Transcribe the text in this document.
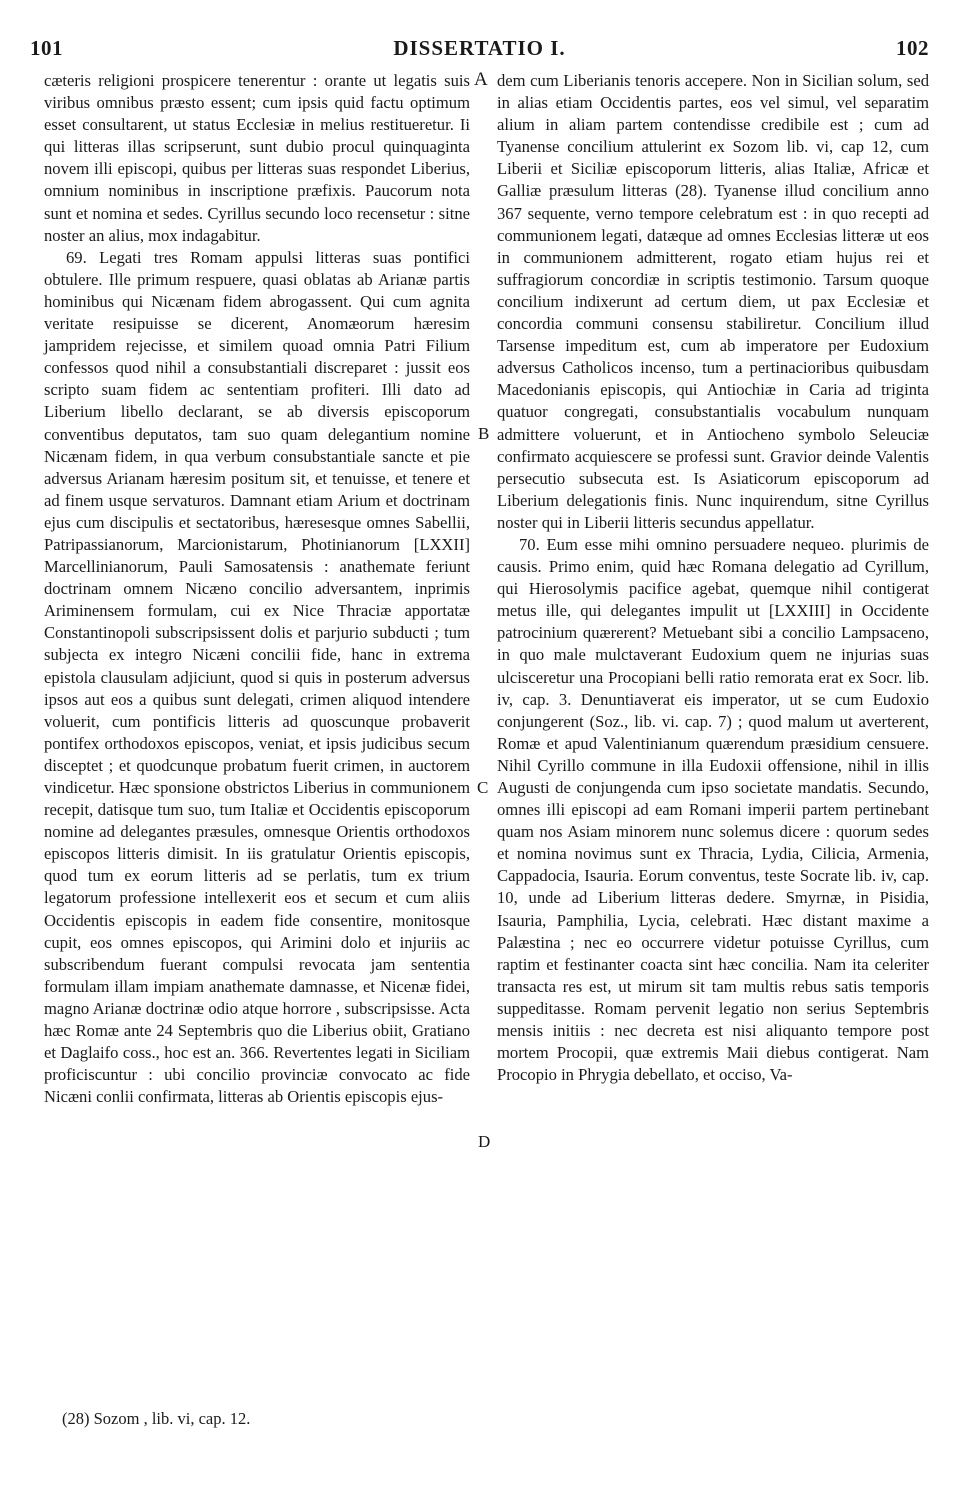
101	DISSERTATIO I.	102

cæteris religioni prospicere tenerentur : orante ut legatis suis viribus omnibus præsto essent; cum ipsis quid factu optimum esset consultarent, ut status Ecclesiæ in melius restitueretur. Ii qui litteras illas scripserunt, sunt dubio procul quinquaginta novem illi episcopi, quibus per litteras suas respondet Liberius, omnium nominibus in inscriptione præfixis. Paucorum nota sunt et nomina et sedes. Cyrillus secundo loco recensetur : sitne noster an alius, mox indagabitur.

69. Legati tres Romam appulsi litteras suas pontifici obtulere. Ille primum respuere, quasi oblatas ab Arianæ partis hominibus qui Nicænam fidem abrogassent. Qui cum agnita veritate resipuisse se dicerent, Anomæorum hæresim jampridem rejecisse, et similem quoad omnia Patri Filium confessos quod nihil a consubstantiali discreparet : jussit eos scripto suam fidem ac sententiam profiteri. Illi dato ad Liberium libello declarant, se ab diversis episcoporum conventibus deputatos, tam suo quam delegantium nomine Nicænam fidem, in qua verbum consubstantiale sancte et pie adversus Arianam hæresim positum sit, et tenuisse, et tenere et ad finem usque servaturos. Damnant etiam Arium et doctrinam ejus cum discipulis et sectatoribus, hæresesque omnes Sabellii, Patripassianorum, Marcionistarum, Photinianorum [LXXII] Marcellinianorum, Pauli Samosatensis : anathemate feriunt doctrinam omnem Nicæno concilio adversantem, inprimis Ariminensem formulam, cui ex Nice Thraciæ apportatæ Constantinopoli subscripsissent dolis et parjurio subducti ; tum subjecta ex integro Nicæni concilii fide, hanc in extrema epistola clausulam adjiciunt, quod si quis in posterum adversus ipsos aut eos a quibus sunt delegati, crimen aliquod intendere voluerit, cum pontificis litteris ad quoscunque probaverit pontifex orthodoxos episcopos, veniat, et ipsis judicibus secum disceptet ; et quodcunque probatum fuerit crimen, in auctorem vindicetur. Hæc sponsione obstrictos Liberius in communionem recepit, datisque tum suo, tum Italiæ et Occidentis episcoporum nomine ad delegantes præsules, omnesque Orientis orthodoxos episcopos litteris dimisit. In iis gratulatur Orientis episcopis, quod tum ex eorum litteris ad se perlatis, tum ex trium legatorum professione intellexerit eos et secum et cum aliis Occidentis episcopis in eadem fide consentire, monitosque cupit, eos omnes episcopos, qui Arimini dolo et injuriis ac subscribendum fuerant compulsi revocata jam sententia formulam illam impiam anathemate damnasse, et Nicenæ fidei, magno Arianæ doctrinæ odio atque horrore , subscripsisse. Acta hæc Romæ ante 24 Septembris quo die Liberius obiit, Gratiano et Daglaifo coss., hoc est an. 366. Revertentes legati in Siciliam proficiscuntur : ubi concilio provinciæ convocato ac fide Nicæni conlii confirmata, litteras ab Orientis episcopis ejus-

dem cum Liberianis tenoris accepere. Non in Sicilian solum, sed in alias etiam Occidentis partes, eos vel simul, vel separatim alium in aliam partem contendisse credibile est ; cum ad Tyanense concilium attulerint ex Sozom lib. vi, cap 12, cum Liberii et Siciliæ episcoporum litteris, alias Italiæ, Africæ et Galliæ præsulum litteras (28). Tyanense illud concilium anno 367 sequente, verno tempore celebratum est : in quo recepti ad communionem legati, datæque ad omnes Ecclesias litteræ ut eos in communionem admitterent, rogato etiam hujus rei et suffragiorum concordiæ in scriptis testimonio. Tarsum quoque concilium indixerunt ad certum diem, ut pax Ecclesiæ et concordia communi consensu stabiliretur. Concilium illud Tarsense impeditum est, cum ab imperatore per Eudoxium adversus Catholicos incenso, tum a pertinacioribus quibusdam Macedonianis episcopis, qui Antiochiæ in Caria ad triginta quatuor congregati, consubstantialis vocabulum nunquam admittere voluerunt, et in Antiocheno symbolo Seleuciæ confirmato acquiescere se professi sunt. Gravior deinde Valentis persecutio subsecuta est. Is Asiaticorum episcoporum ad Liberium delegationis finis. Nunc inquirendum, sitne Cyrillus noster qui in Liberii litteris secundus appellatur.

70. Eum esse mihi omnino persuadere nequeo. plurimis de causis. Primo enim, quid hæc Romana delegatio ad Cyrillum, qui Hierosolymis pacifice agebat, quemque nihil contigerat metus ille, qui delegantes impulit ut [LXXIII] in Occidente patrocinium quærerent? Metuebant sibi a concilio Lampsaceno, in quo male mulctaverant Eudoxium quem ne injurias suas ulcisceretur una Procopiani belli ratio remorata erat ex Socr. lib. iv, cap. 3. Denuntiaverat eis imperator, ut se cum Eudoxio conjungerent (Soz., lib. vi. cap. 7) ; quod malum ut averterent, Romæ et apud Valentinianum quærendum præsidium censuere. Nihil Cyrillo commune in illa Eudoxii offensione, nihil in illis Augusti de conjungenda cum ipso societate mandatis. Secundo, omnes illi episcopi ad eam Romani imperii partem pertinebant quam nos Asiam minorem nunc solemus dicere : quorum sedes et nomina novimus sunt ex Thracia, Lydia, Cilicia, Armenia, Cappadocia, Isauria. Eorum conventus, teste Socrate lib. iv, cap. 10, unde ad Liberium litteras dedere. Smyrnæ, in Pisidia, Isauria, Pamphilia, Lycia, celebrati. Hæc distant maxime a Palæstina ; nec eo occurrere videtur potuisse Cyrillus, cum raptim et festinanter coacta sint hæc concilia. Nam ita celeriter transacta res est, ut mirum sit tam multis rebus satis temporis suppeditasse. Romam pervenit legatio non serius Septembris mensis initiis : nec decreta est nisi aliquanto tempore post mortem Procopii, quæ extremis Maii diebus contigerat. Nam Procopio in Phrygia debellato, et occiso, Va-

A
B
C
D
(28) Sozom , lib. vi, cap. 12.
